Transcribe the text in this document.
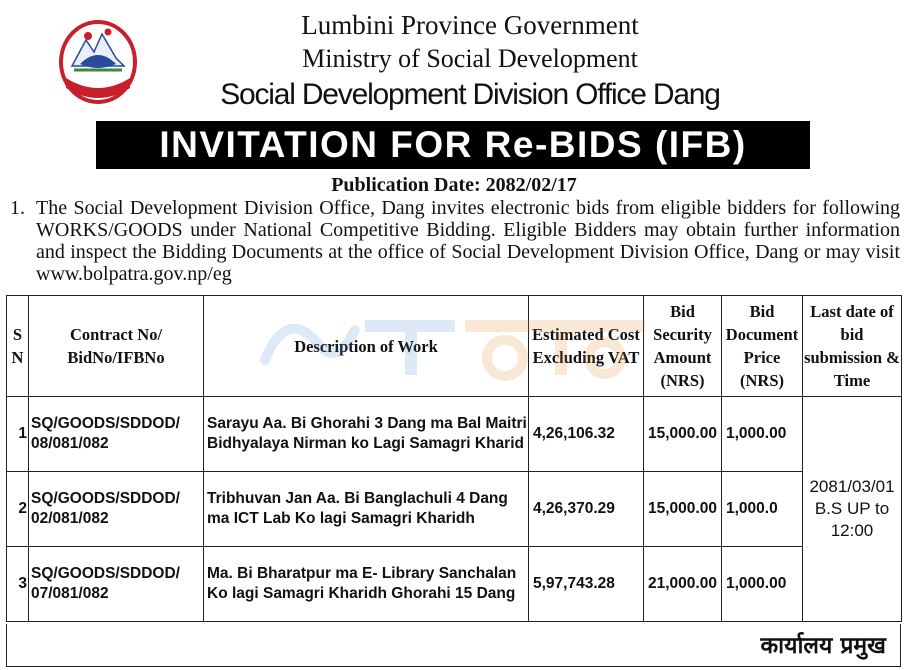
Lumbini Province Government
Ministry of Social Development
Social Development Division Office Dang
INVITATION FOR Re-BIDS (IFB)
Publication Date: 2082/02/17
1. The Social Development Division Office, Dang invites electronic bids from eligible bidders for following WORKS/GOODS under National Competitive Bidding. Eligible Bidders may obtain further information and inspect the Bidding Documents at the office of Social Development Division Office, Dang or may visit www.bolpatra.gov.np/eg
S N	Contract No/ BidNo/IFBNo	Description of Work	Estimated Cost Excluding VAT	Bid Security Amount (NRS)	Bid Document Price (NRS)	Last date of bid submission & Time
1	SQ/GOODS/SDDOD/ 08/081/082	Sarayu Aa. Bi Ghorahi 3 Dang ma Bal Maitri Bidhyalaya Nirman ko Lagi Samagri Kharid	4,26,106.32	15,000.00	1,000.00	2081/03/01 B.S UP to 12:00
2	SQ/GOODS/SDDOD/ 02/081/082	Tribhuvan Jan Aa. Bi Banglachuli 4 Dang ma ICT Lab Ko lagi Samagri Kharidh	4,26,370.29	15,000.00	1,000.0	
3	SQ/GOODS/SDDOD/ 07/081/082	Ma. Bi Bharatpur ma E- Library Sanchalan Ko lagi Samagri Kharidh Ghorahi 15 Dang	5,97,743.28	21,000.00	1,000.00	
कार्यालय प्रमुख
